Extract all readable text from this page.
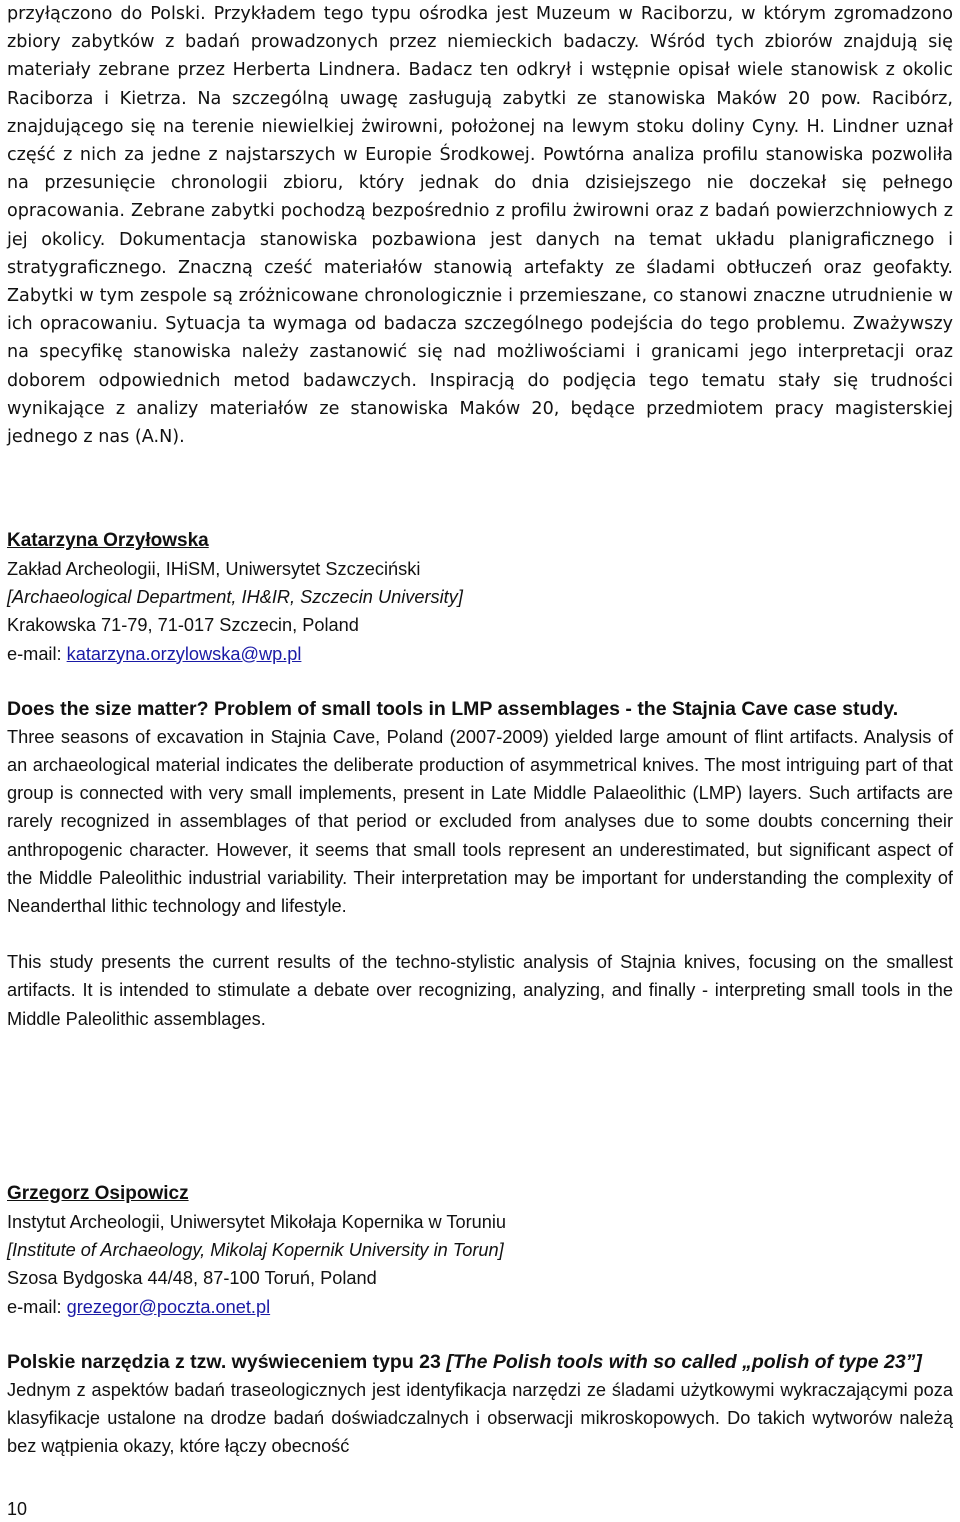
przyłączono do Polski. Przykładem tego typu ośrodka jest Muzeum w Raciborzu, w którym zgromadzono zbiory zabytków z badań prowadzonych przez niemieckich badaczy. Wśród tych zbiorów znajdują się materiały zebrane przez Herberta Lindnera. Badacz ten odkrył i wstępnie opisał wiele stanowisk z okolic Raciborza i Kietrza. Na szczególną uwagę zasługują zabytki ze stanowiska Maków 20 pow. Racibórz, znajdującego się na terenie niewielkiej żwirowni, położonej na lewym stoku doliny Cyny. H. Lindner uznał część z nich za jedne z najstarszych w Europie Środkowej. Powtórna analiza profilu stanowiska pozwoliła na przesunięcie chronologii zbioru, który jednak do dnia dzisiejszego nie doczekał się pełnego opracowania. Zebrane zabytki pochodzą bezpośrednio z profilu żwirowni oraz z badań powierzchniowych z jej okolicy. Dokumentacja stanowiska pozbawiona jest danych na temat układu planigraficznego i stratygraficznego. Znaczną cześć materiałów stanowią artefakty ze śladami obtłuczeń oraz geofakty. Zabytki w tym zespole są zróżnicowane chronologicznie i przemieszane, co stanowi znaczne utrudnienie w ich opracowaniu. Sytuacja ta wymaga od badacza szczególnego podejścia do tego problemu. Zważywszy na specyfikę stanowiska należy zastanowić się nad możliwościami i granicami jego interpretacji oraz doborem odpowiednich metod badawczych. Inspiracją do podjęcia tego tematu stały się trudności wynikające z analizy materiałów ze stanowiska Maków 20, będące przedmiotem pracy magisterskiej jednego z nas (A.N).

Katarzyna Orzyłowska

Zakład Archeologii, IHiSM, Uniwersytet Szczeciński

[Archaeological Department, IH&IR, Szczecin University]

Krakowska 71-79, 71-017 Szczecin, Poland

e-mail: katarzyna.orzylowska@wp.pl

Does the size matter? Problem of small tools in LMP assemblages - the Stajnia Cave case study.

Three seasons of excavation in Stajnia Cave, Poland (2007-2009) yielded large amount of flint artifacts. Analysis of an archaeological material indicates the deliberate production of asymmetrical knives. The most intriguing part of that group is connected with very small implements, present in Late Middle Palaeolithic (LMP) layers. Such artifacts are rarely recognized in assemblages of that period or excluded from analyses due to some doubts concerning their anthropogenic character. However, it seems that small tools represent an underestimated, but significant aspect of the Middle Paleolithic industrial variability. Their interpretation may be important for understanding the complexity of Neanderthal lithic technology and lifestyle.

This study presents the current results of the techno-stylistic analysis of Stajnia knives, focusing on the smallest artifacts. It is intended to stimulate a debate over recognizing, analyzing, and finally - interpreting small tools in the Middle Paleolithic assemblages.

Grzegorz Osipowicz

Instytut Archeologii, Uniwersytet Mikołaja Kopernika w Toruniu

[Institute of Archaeology, Mikolaj Kopernik University in Torun]

Szosa Bydgoska 44/48, 87-100 Toruń, Poland

e-mail: grezegor@poczta.onet.pl

Polskie narzędzia z tzw. wyświeceniem typu 23 [The Polish tools with so called „polish of type 23”]

Jednym z aspektów badań traseologicznych jest identyfikacja narzędzi ze śladami użytkowymi wykraczającymi poza klasyfikacje ustalone na drodze badań doświadczalnych i obserwacji mikroskopowych. Do takich wytworów należą bez wątpienia okazy, które łączy obecność

10
